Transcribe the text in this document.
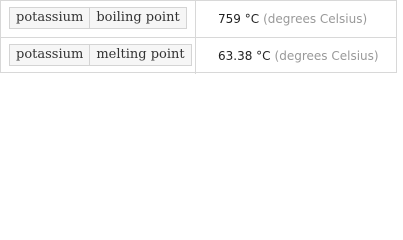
potassium	boiling point	759 °C (degrees Celsius)
potassium	melting point	63.38 °C (degrees Celsius)
